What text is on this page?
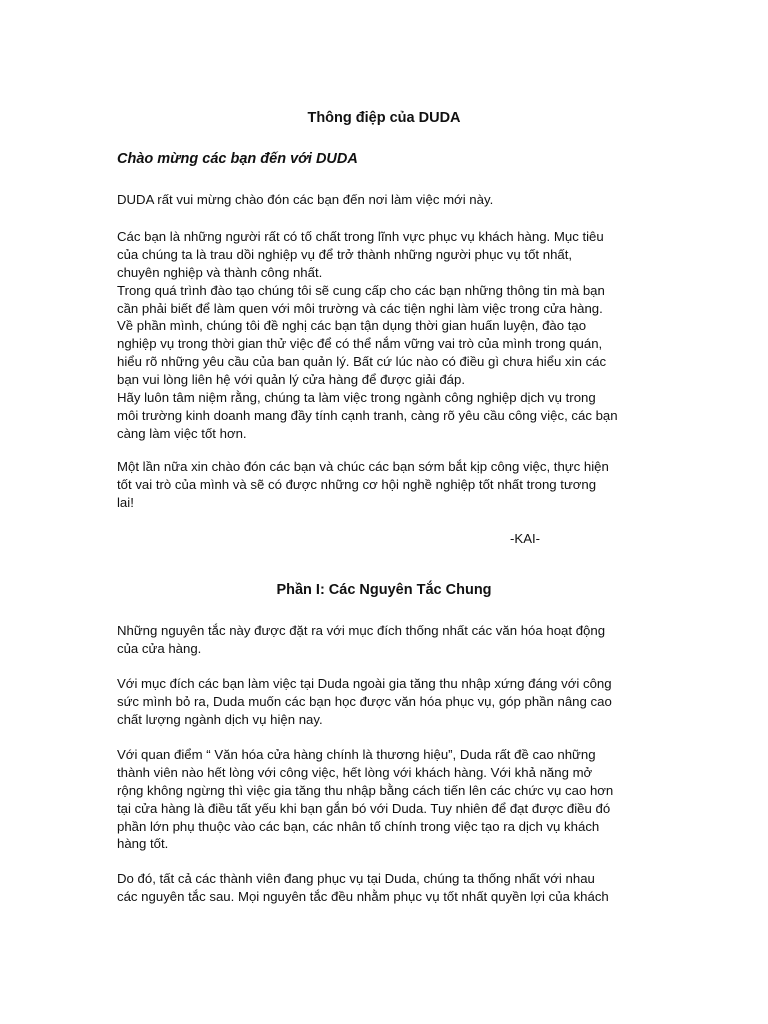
Thông điệp của DUDA
Chào mừng các bạn đến với DUDA
DUDA rất vui mừng chào đón các bạn đến nơi làm việc mới này.
Các bạn là những người rất có tố chất trong lĩnh vực phục vụ khách hàng. Mục tiêu
của chúng ta là trau dồi nghiệp vụ để trở thành những người phục vụ tốt nhất,
chuyên nghiệp và thành công nhất.
Trong quá trình đào tạo chúng tôi sẽ cung cấp cho các bạn những thông tin mà bạn
cần phải biết để làm quen với môi trường và các tiện nghi làm việc trong cửa hàng.
Về phần mình, chúng tôi đề nghị các bạn tận dụng thời gian huấn luyện, đào tạo
nghiệp vụ trong thời gian thử việc để có thể nắm vững vai trò của mình trong quán,
hiểu rõ những yêu cầu của ban quản lý. Bất cứ lúc nào có điều gì chưa hiểu xin các
bạn vui lòng liên hệ với quản lý cửa hàng để được giải đáp.
Hãy luôn tâm niệm rằng, chúng ta làm việc trong ngành công nghiệp dịch vụ trong
môi trường kinh doanh mang đầy tính cạnh tranh, càng rõ yêu cầu công việc, các bạn
càng làm việc tốt hơn.
Một lần nữa xin chào đón các bạn và chúc các bạn sớm bắt kịp công việc, thực hiện
tốt vai trò của mình và sẽ có được những cơ hội nghề nghiệp tốt nhất trong tương
lai!
-KAI-
Phần I: Các Nguyên Tắc Chung
Những nguyên tắc này được đặt ra với mục đích thống nhất các văn hóa hoạt động
của cửa hàng.
Với mục đích các bạn làm việc tại Duda ngoài gia tăng thu nhập xứng đáng với công
sức mình bỏ ra, Duda muốn các bạn học được văn hóa phục vụ, góp phần nâng cao
chất lượng ngành dịch vụ hiện nay.
Với quan điểm “ Văn hóa cửa hàng chính là thương hiệu”, Duda rất đề cao những
thành viên nào hết lòng với công việc, hết lòng với khách hàng. Với khả năng mở
rộng không ngừng thì việc gia tăng thu nhập bằng cách tiến lên các chức vụ cao hơn
tại cửa hàng là điều tất yếu khi bạn gắn bó với Duda. Tuy nhiên để đạt được điều đó
phần lớn phụ thuộc vào các bạn, các nhân tố chính trong việc tạo ra dịch vụ khách
hàng tốt.
Do đó, tất cả các thành viên đang phục vụ tại Duda, chúng ta thống nhất với nhau
các nguyên tắc sau. Mọi nguyên tắc đều nhằm phục vụ tốt nhất quyền lợi của khách
